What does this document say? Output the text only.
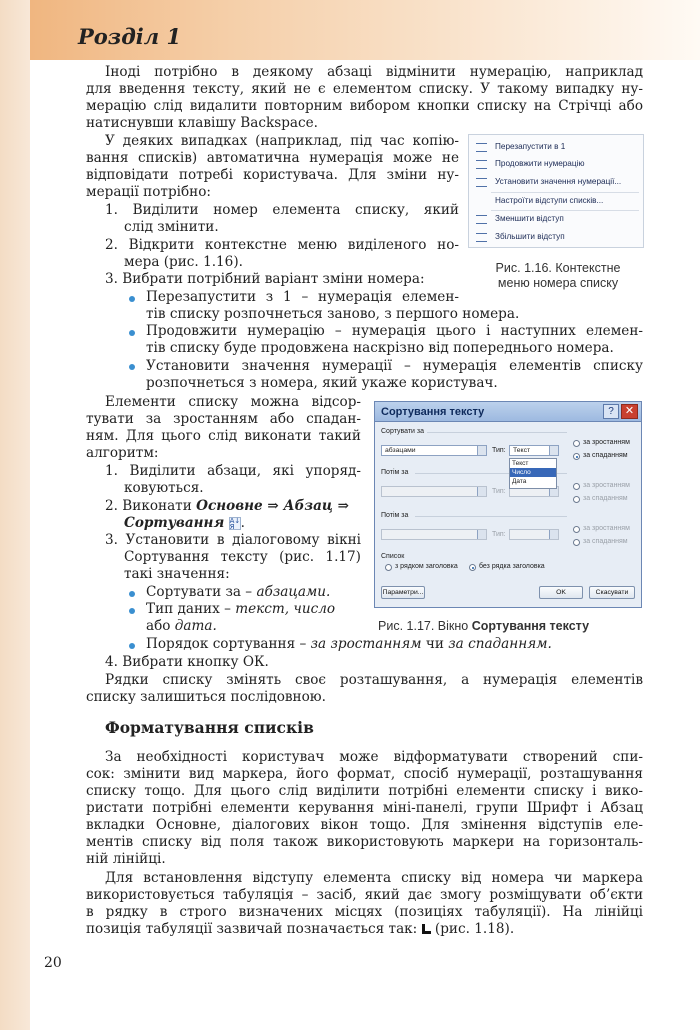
Розділ 1
Іноді потрібно в деякому абзаці відмінити нумерацію, наприклад
для введення тексту, який не є елементом списку. У такому випадку ну-
мерацію слід видалити повторним вибором кнопки списку на Стрічці або
натиснувши клавішу Backspace.
У деяких випадках (наприклад, під час копію-
вання списків) автоматична нумерація може не
відповідати потребі користувача. Для зміни ну-
мерації потрібно:
1. Виділити номер елемента списку, який
слід змінити.
2. Відкрити контекстне меню виділеного но-
мера (рис. 1.16).
3. Вибрати потрібний варіант зміни номера:
Перезапустити з 1 – нумерація елемен-
тів списку розпочнеться заново, з першого номера.
Продовжити нумерацію – нумерація цього і наступних елемен-
тів списку буде продовжена наскрізно від попереднього номера.
Установити значення нумерації – нумерація елементів списку
розпочнеться з номера, який укаже користувач.
Перезапустити в 1
Продовжити нумерацію
Установити значення нумерації...
Настроїти відступи списків...
Зменшити відступ
Збільшити відступ
Рис. 1.16. Контекстне
меню номера списку
Елементи списку можна відсор-
тувати за зростанням або спадан-
ням. Для цього слід виконати такий
алгоритм:
1. Виділити абзаци, які упоряд-
ковуються.
2. Виконати Основне ⇒ Абзац ⇒
Сортування A↓
Я .
3. Установити в діалоговому вікні
Сортування тексту (рис. 1.17)
такі значення:
Сортувати за – абзацами.
Тип даних – текст, число
або дата.
Порядок сортування – за зростанням чи за спаданням.
4. Вибрати кнопку ОК.
Сортування тексту	?	✕
Сортувати за
абзацами	Тип:	Текст
за зростанням
за спаданням
Потім за
Тип:
за зростанням
за спаданням
Потім за
Тип:
за зростанням
за спаданням
Список
з рядком заголовка	без рядка заголовка
Параметри...	OK	Скасувати
Текст
Число
Дата
Рис. 1.17. Вікно Сортування тексту
Рядки списку змінять своє розташування, а нумерація елементів
списку залишиться послідовною.
Форматування списків
За необхідності користувач може відформатувати створений спи-
сок: змінити вид маркера, його формат, спосіб нумерації, розташування
списку тощо. Для цього слід виділити потрібні елементи списку і вико-
ристати потрібні елементи керування міні-панелі, групи Шрифт і Абзац
вкладки Основне, діалогових вікон тощо. Для змінення відступів еле-
ментів списку від поля також використовують маркери на горизонталь-
ній лінійці.
Для встановлення відступу елемента списку від номера чи маркера
використовується табуляція – засіб, який дає змогу розміщувати об’єкти
в рядку в строго визначених місцях (позиціях табуляції). На лінійці
позиція табуляції зазвичай позначається так: (рис. 1.18).
20
